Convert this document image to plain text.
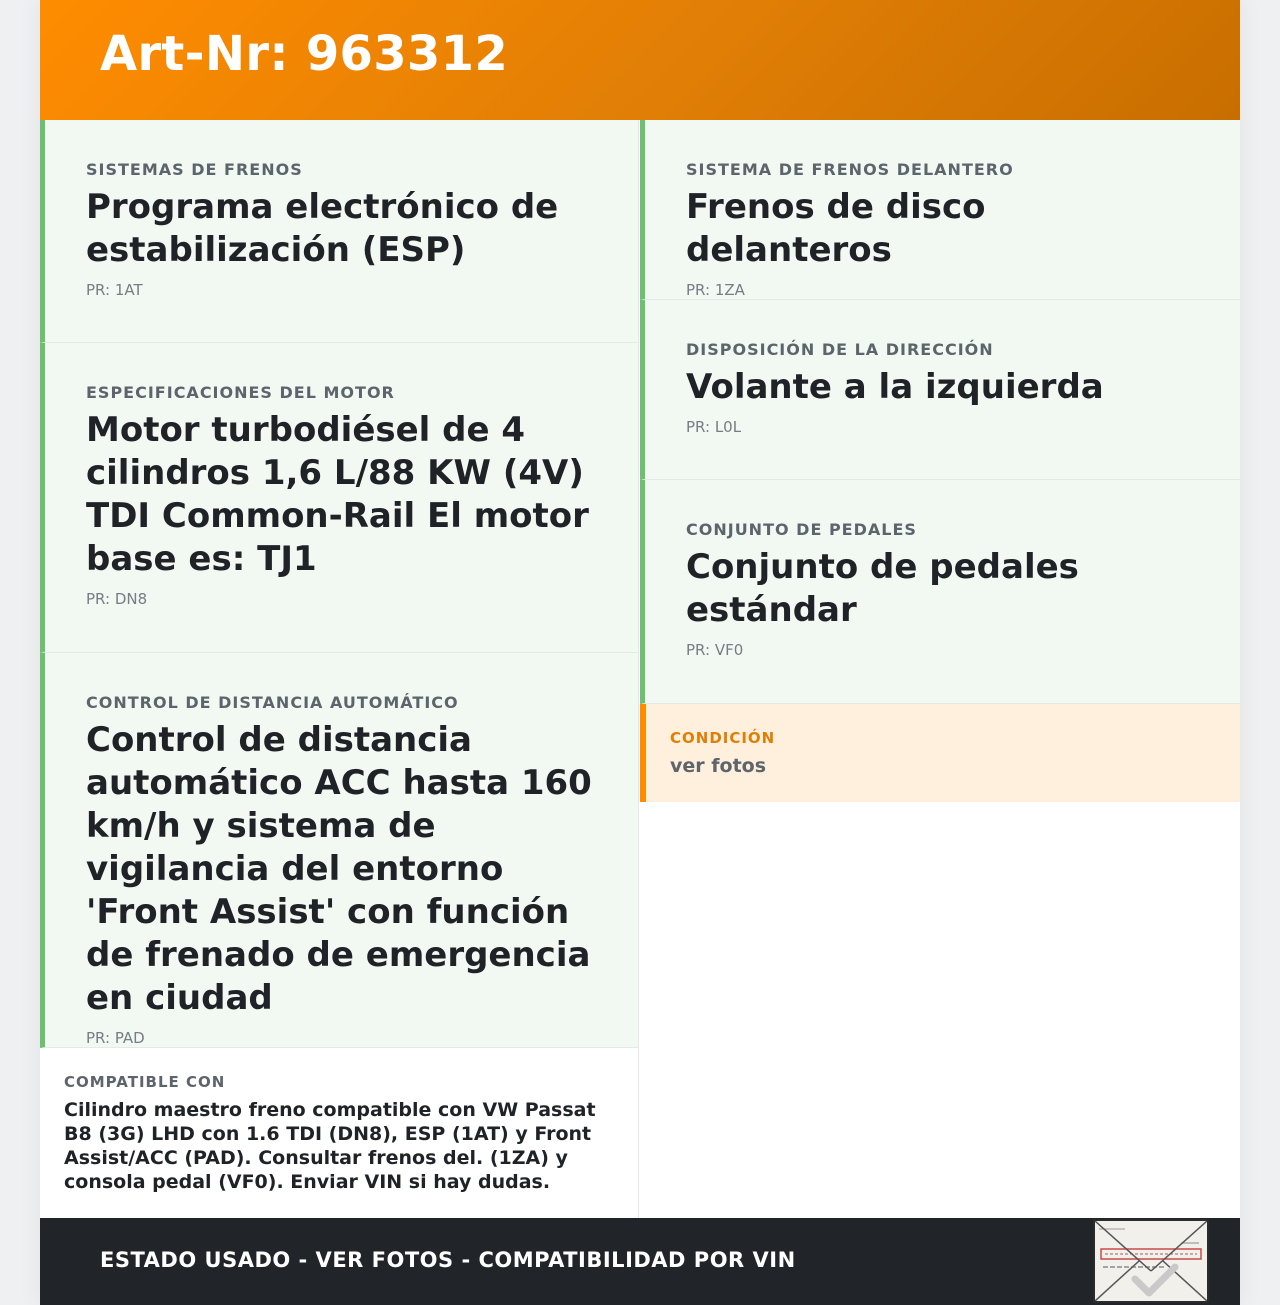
Art-Nr: 963312
SISTEMAS DE FRENOS
Programa electrónico de estabilización (ESP)
PR: 1AT
ESPECIFICACIONES DEL MOTOR
Motor turbodiésel de 4 cilindros 1,6 L/88 KW (4V) TDI Common-Rail El motor base es: TJ1
PR: DN8
CONTROL DE DISTANCIA AUTOMÁTICO
Control de distancia automático ACC hasta 160 km/h y sistema de vigilancia del entorno 'Front Assist' con función de frenado de emergencia en ciudad
PR: PAD
COMPATIBLE CON
Cilindro maestro freno compatible con VW Passat B8 (3G) LHD con 1.6 TDI (DN8), ESP (1AT) y Front Assist/ACC (PAD). Consultar frenos del. (1ZA) y consola pedal (VF0). Enviar VIN si hay dudas.
SISTEMA DE FRENOS DELANTERO
Frenos de disco delanteros
PR: 1ZA
DISPOSICIÓN DE LA DIRECCIÓN
Volante a la izquierda
PR: L0L
CONJUNTO DE PEDALES
Conjunto de pedales estándar
PR: VF0
CONDICIÓN
ver fotos
ESTADO USADO - VER FOTOS - COMPATIBILIDAD POR VIN
